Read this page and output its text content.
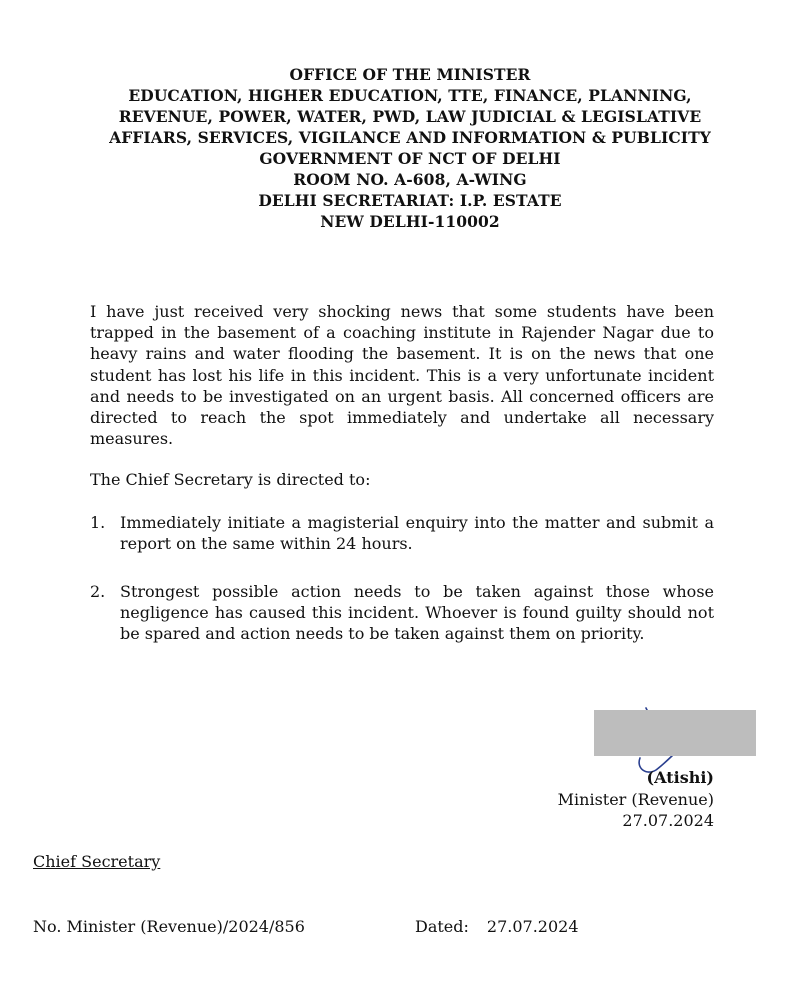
OFFICE OF THE MINISTER
EDUCATION, HIGHER EDUCATION, TTE, FINANCE, PLANNING,
REVENUE, POWER, WATER, PWD, LAW JUDICIAL & LEGISLATIVE
AFFIARS, SERVICES, VIGILANCE AND INFORMATION & PUBLICITY
GOVERNMENT OF NCT OF DELHI
ROOM NO. A-608, A-WING
DELHI SECRETARIAT: I.P. ESTATE
NEW DELHI-110002

I have just received very shocking news that some students have been trapped in the basement of a coaching institute in Rajender Nagar due to heavy rains and water flooding the basement. It is on the news that one student has lost his life in this incident. This is a very unfortunate incident and needs to be investigated on an urgent basis. All concerned officers are directed to reach the spot immediately and undertake all necessary measures.

The Chief Secretary is directed to:

1. Immediately initiate a magisterial enquiry into the matter and submit a report on the same within 24 hours.
2. Strongest possible action needs to be taken against those whose negligence has caused this incident. Whoever is found guilty should not be spared and action needs to be taken against them on priority.
(Atishi)
Minister (Revenue)
27.07.2024
Chief Secretary
No. Minister (Revenue)/2024/856	Dated: 27.07.2024
